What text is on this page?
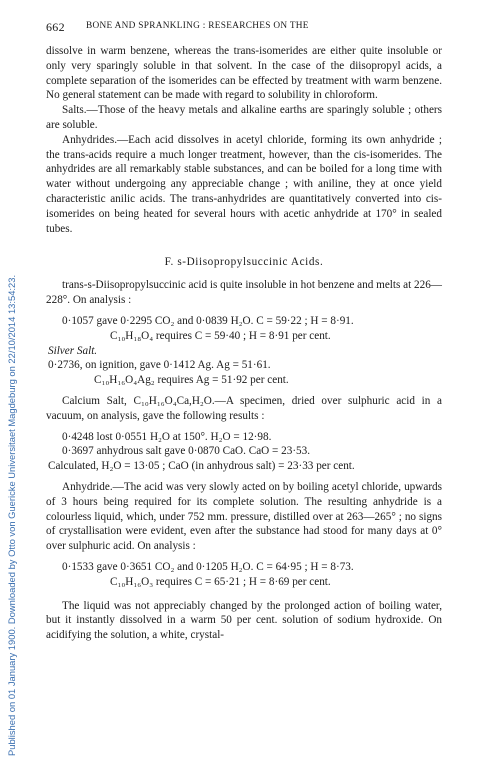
Published on 01 January 1900. Downloaded by Otto von Guericke Universitaet Magdeburg on 22/10/2014 13:54:23.
662	BONE AND SPRANKLING : RESEARCHES ON THE

dissolve in warm benzene, whereas the trans-isomerides are either quite insoluble or only very sparingly soluble in that solvent. In the case of the diisopropyl acids, a complete separation of the isomerides can be effected by treatment with warm benzene. No general statement can be made with regard to solubility in chloroform.

Salts.—Those of the heavy metals and alkaline earths are sparingly soluble ; others are soluble.

Anhydrides.—Each acid dissolves in acetyl chloride, forming its own anhydride ; the trans-acids require a much longer treatment, however, than the cis-isomerides. The anhydrides are all remarkably stable substances, and can be boiled for a long time with water without undergoing any appreciable change ; with aniline, they at once yield characteristic anilic acids. The trans-anhydrides are quantitatively converted into cis-isomerides on being heated for several hours with acetic anhydride at 170° in sealed tubes.

F. s-Diisopropylsuccinic Acids.

trans-s-Diisopropylsuccinic acid is quite insoluble in hot benzene and melts at 226—228°. On analysis :

0·1057 gave 0·2295 CO₂ and 0·0839 H₂O. C = 59·22 ; H = 8·91.
C₁₀H₁₈O₄ requires C = 59·40 ; H = 8·91 per cent.
Silver Salt.
0·2736, on ignition, gave 0·1412 Ag. Ag = 51·61.
C₁₀H₁₆O₄Ag₂ requires Ag = 51·92 per cent.

Calcium Salt, C₁₀H₁₆O₄Ca,H₂O.—A specimen, dried over sulphuric acid in a vacuum, on analysis, gave the following results :

0·4248 lost 0·0551 H₂O at 150°. H₂O = 12·98.
0·3697 anhydrous salt gave 0·0870 CaO. CaO = 23·53.
Calculated, H₂O = 13·05 ; CaO (in anhydrous salt) = 23·33 per cent.

Anhydride.—The acid was very slowly acted on by boiling acetyl chloride, upwards of 3 hours being required for its complete solution. The resulting anhydride is a colourless liquid, which, under 752 mm. pressure, distilled over at 263—265° ; no signs of crystallisation were evident, even after the substance had stood for many days at 0° over sulphuric acid. On analysis :

0·1533 gave 0·3651 CO₂ and 0·1205 H₂O. C = 64·95 ; H = 8·73.
C₁₀H₁₆O₃ requires C = 65·21 ; H = 8·69 per cent.

The liquid was not appreciably changed by the prolonged action of boiling water, but it instantly dissolved in a warm 50 per cent. solution of sodium hydroxide. On acidifying the solution, a white, crystal-
